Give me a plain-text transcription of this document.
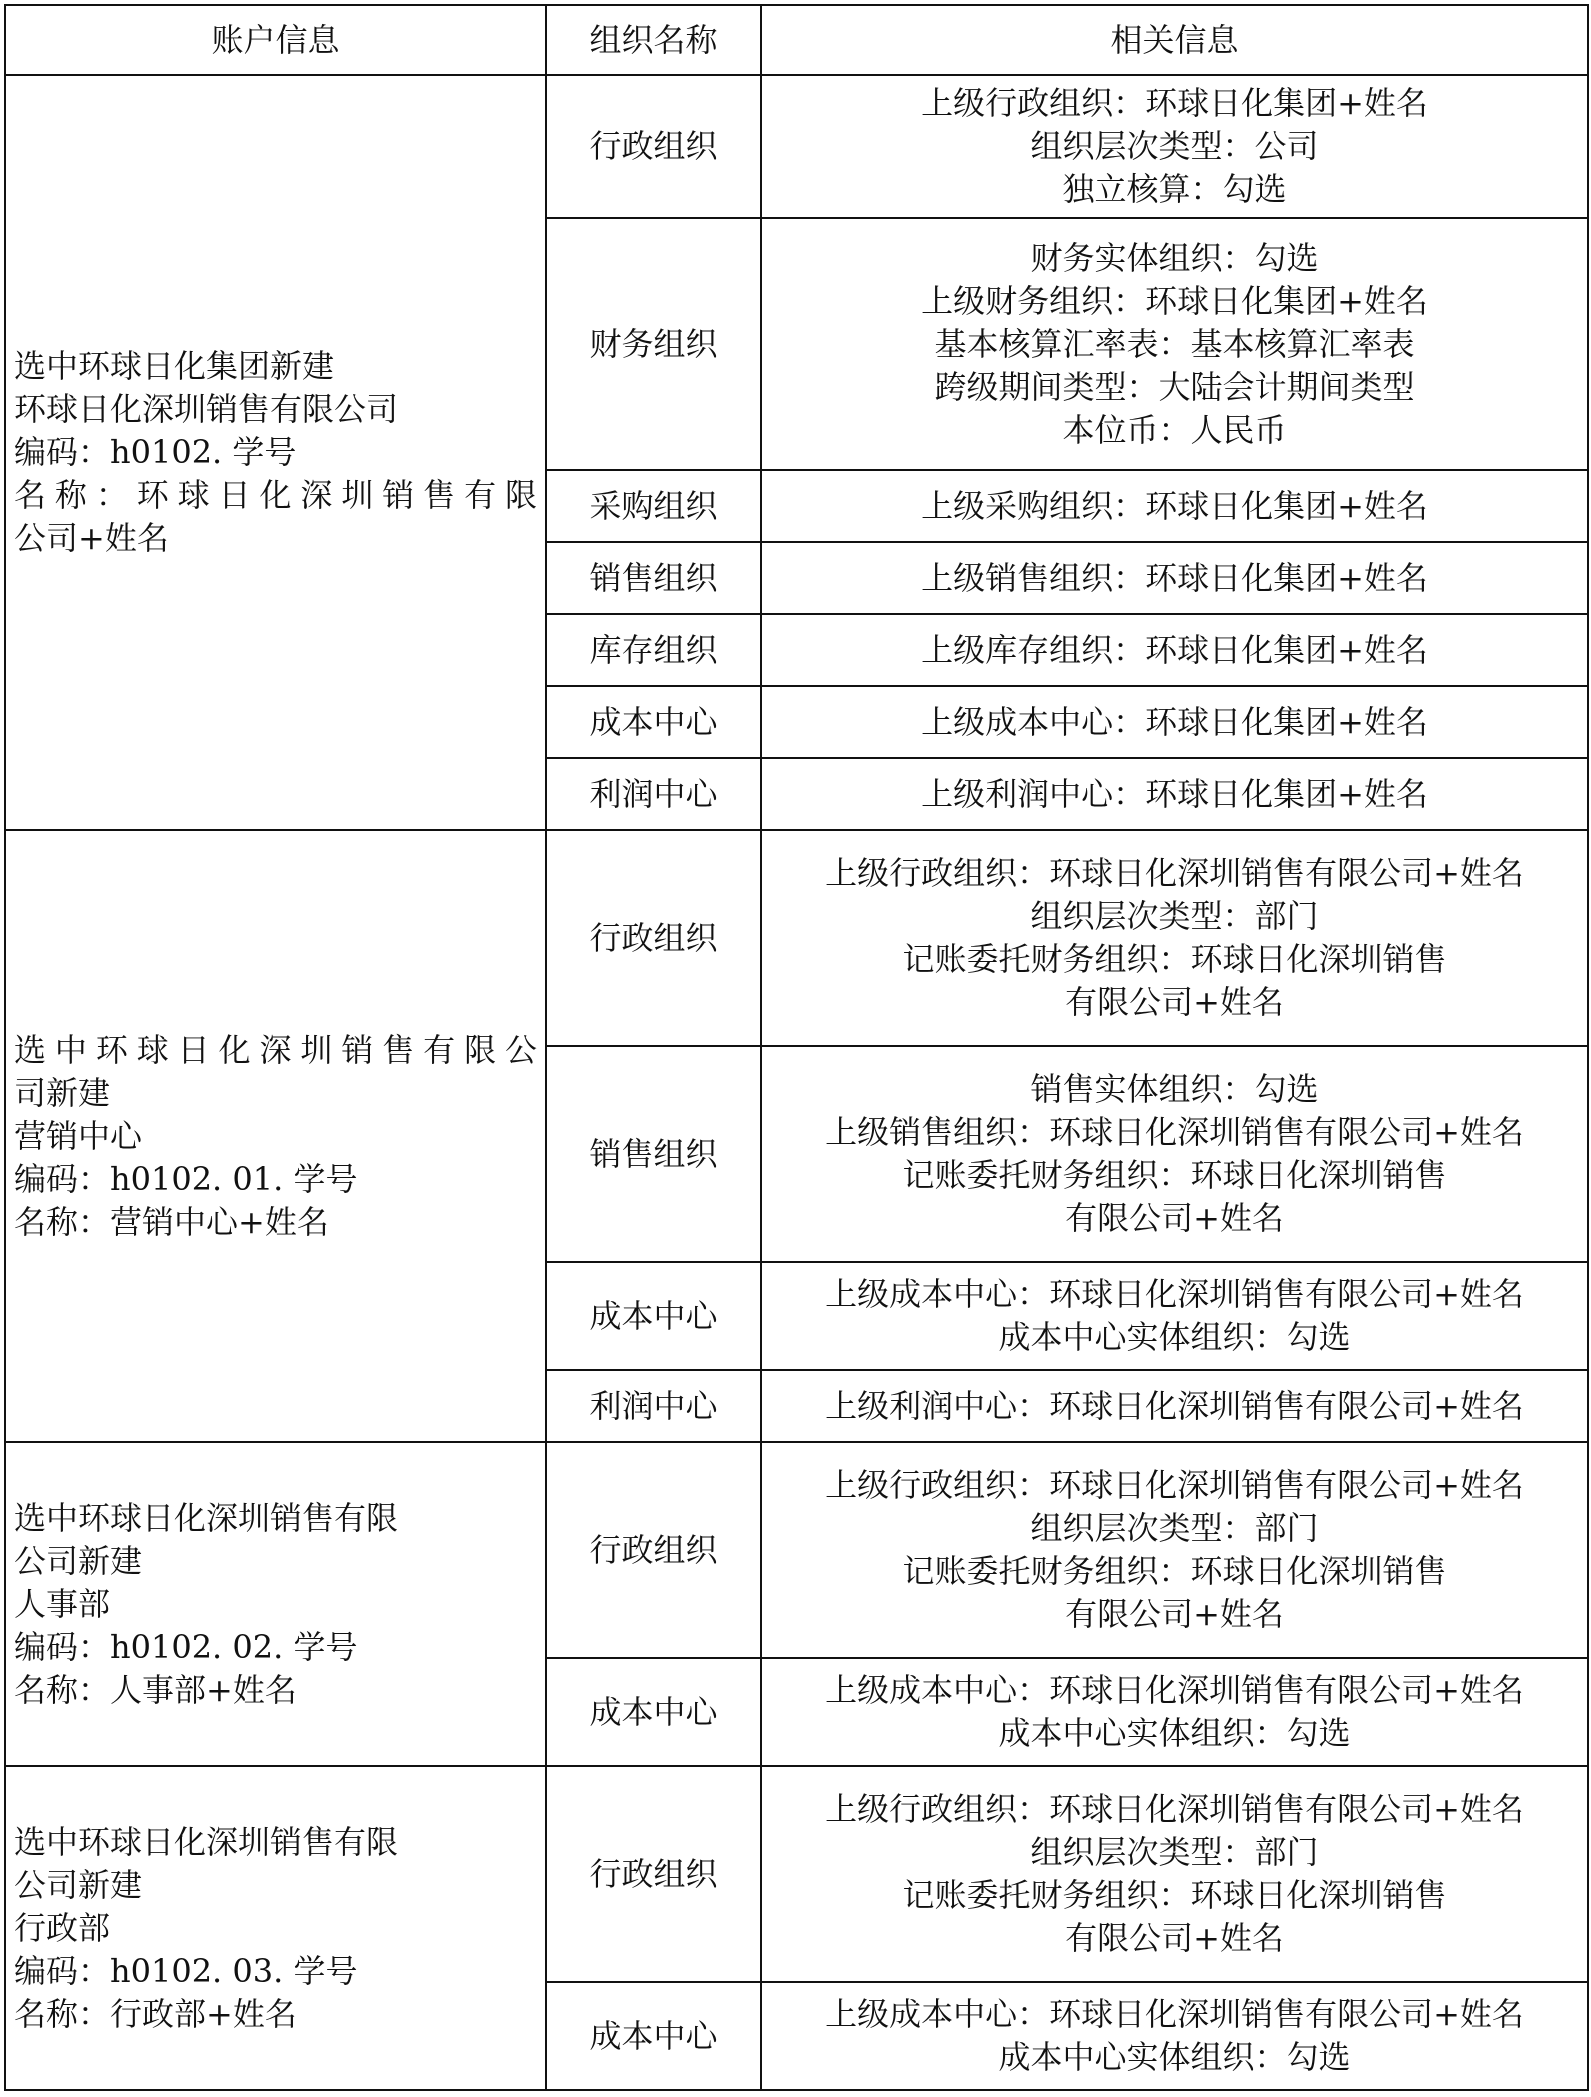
账户信息	组织名称	相关信息

选中环球日化集团新建
环球日化深圳销售有限公司
编码：h0102. 学号
名称：环球日化深圳销售有限
公司+姓名	行政组织	上级行政组织：环球日化集团+姓名
组织层次类型：公司
独立核算：勾选

	财务组织	财务实体组织：勾选
上级财务组织：环球日化集团+姓名
基本核算汇率表：基本核算汇率表
跨级期间类型：大陆会计期间类型
本位币：人民币

	采购组织	上级采购组织：环球日化集团+姓名

	销售组织	上级销售组织：环球日化集团+姓名

	库存组织	上级库存组织：环球日化集团+姓名

	成本中心	上级成本中心：环球日化集团+姓名

	利润中心	上级利润中心：环球日化集团+姓名

选中环球日化深圳销售有限公
司新建
营销中心
编码：h0102. 01. 学号
名称：营销中心+姓名	行政组织	上级行政组织：环球日化深圳销售有限公司+姓名
组织层次类型：部门
记账委托财务组织：环球日化深圳销售
有限公司+姓名

	销售组织	销售实体组织：勾选
上级销售组织：环球日化深圳销售有限公司+姓名
记账委托财务组织：环球日化深圳销售
有限公司+姓名

	成本中心	上级成本中心：环球日化深圳销售有限公司+姓名
成本中心实体组织：勾选

	利润中心	上级利润中心：环球日化深圳销售有限公司+姓名

选中环球日化深圳销售有限
公司新建
人事部
编码：h0102. 02. 学号
名称：人事部+姓名	行政组织	上级行政组织：环球日化深圳销售有限公司+姓名
组织层次类型：部门
记账委托财务组织：环球日化深圳销售
有限公司+姓名

	成本中心	上级成本中心：环球日化深圳销售有限公司+姓名
成本中心实体组织：勾选

选中环球日化深圳销售有限
公司新建
行政部
编码：h0102. 03. 学号
名称：行政部+姓名	行政组织	上级行政组织：环球日化深圳销售有限公司+姓名
组织层次类型：部门
记账委托财务组织：环球日化深圳销售
有限公司+姓名

	成本中心	上级成本中心：环球日化深圳销售有限公司+姓名
成本中心实体组织：勾选
